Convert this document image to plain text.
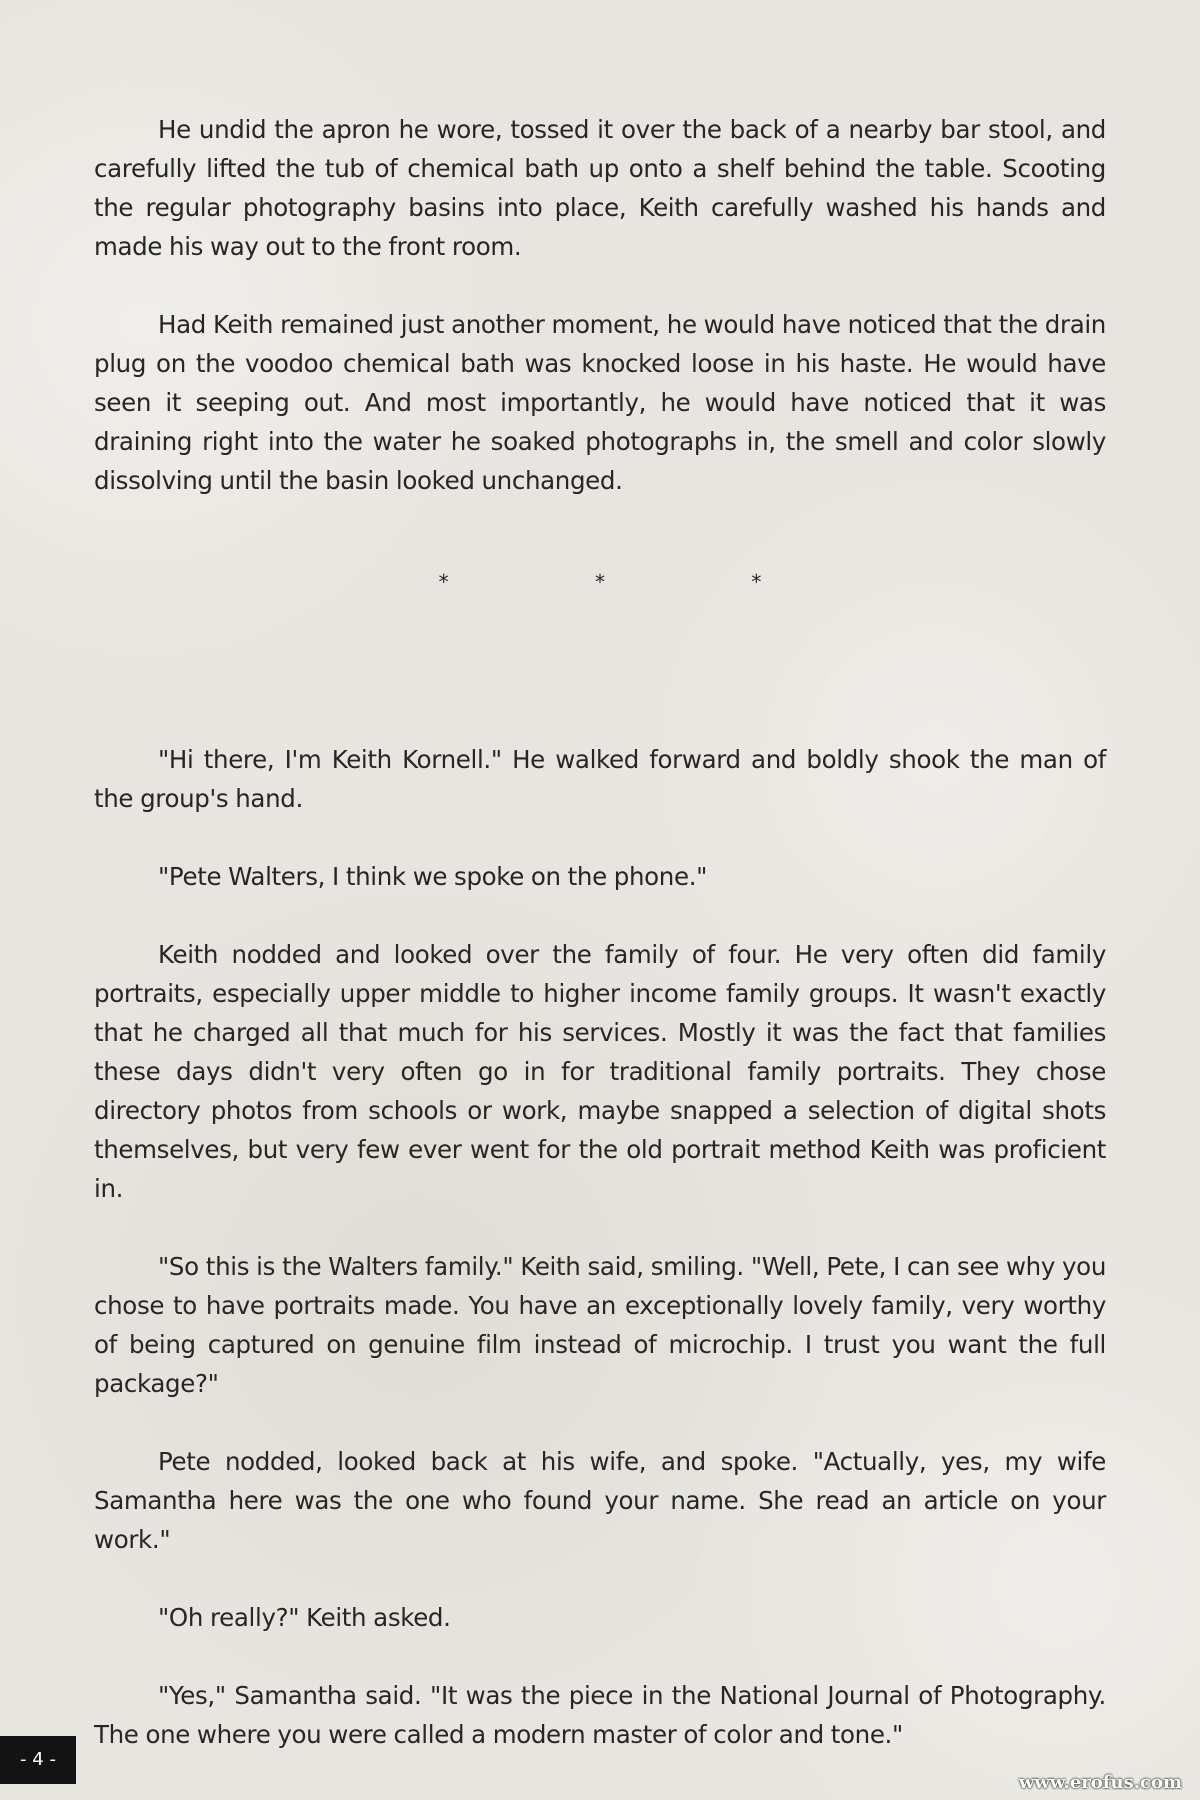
He undid the apron he wore, tossed it over the back of a nearby bar stool, and carefully lifted the tub of chemical bath up onto a shelf behind the table. Scooting the regular photography basins into place, Keith carefully washed his hands and made his way out to the front room.

Had Keith remained just another moment, he would have noticed that the drain plug on the voodoo chemical bath was knocked loose in his haste. He would have seen it seeping out. And most importantly, he would have noticed that it was draining right into the water he soaked photographs in, the smell and color slowly dissolving until the basin looked unchanged.

* * *

"Hi there, I'm Keith Kornell." He walked forward and boldly shook the man of the group's hand.

"Pete Walters, I think we spoke on the phone."

Keith nodded and looked over the family of four. He very often did family portraits, especially upper middle to higher income family groups. It wasn't exactly that he charged all that much for his services. Mostly it was the fact that families these days didn't very often go in for traditional family portraits. They chose directory photos from schools or work, maybe snapped a selection of digital shots themselves, but very few ever went for the old portrait method Keith was proficient in.

"So this is the Walters family." Keith said, smiling. "Well, Pete, I can see why you chose to have portraits made. You have an exceptionally lovely family, very worthy of being captured on genuine film instead of microchip. I trust you want the full package?"

Pete nodded, looked back at his wife, and spoke. "Actually, yes, my wife Samantha here was the one who found your name. She read an article on your work."

"Oh really?" Keith asked.

"Yes," Samantha said. "It was the piece in the National Journal of Photography. The one where you were called a modern master of color and tone."

- 4 -
www.erofus.com
